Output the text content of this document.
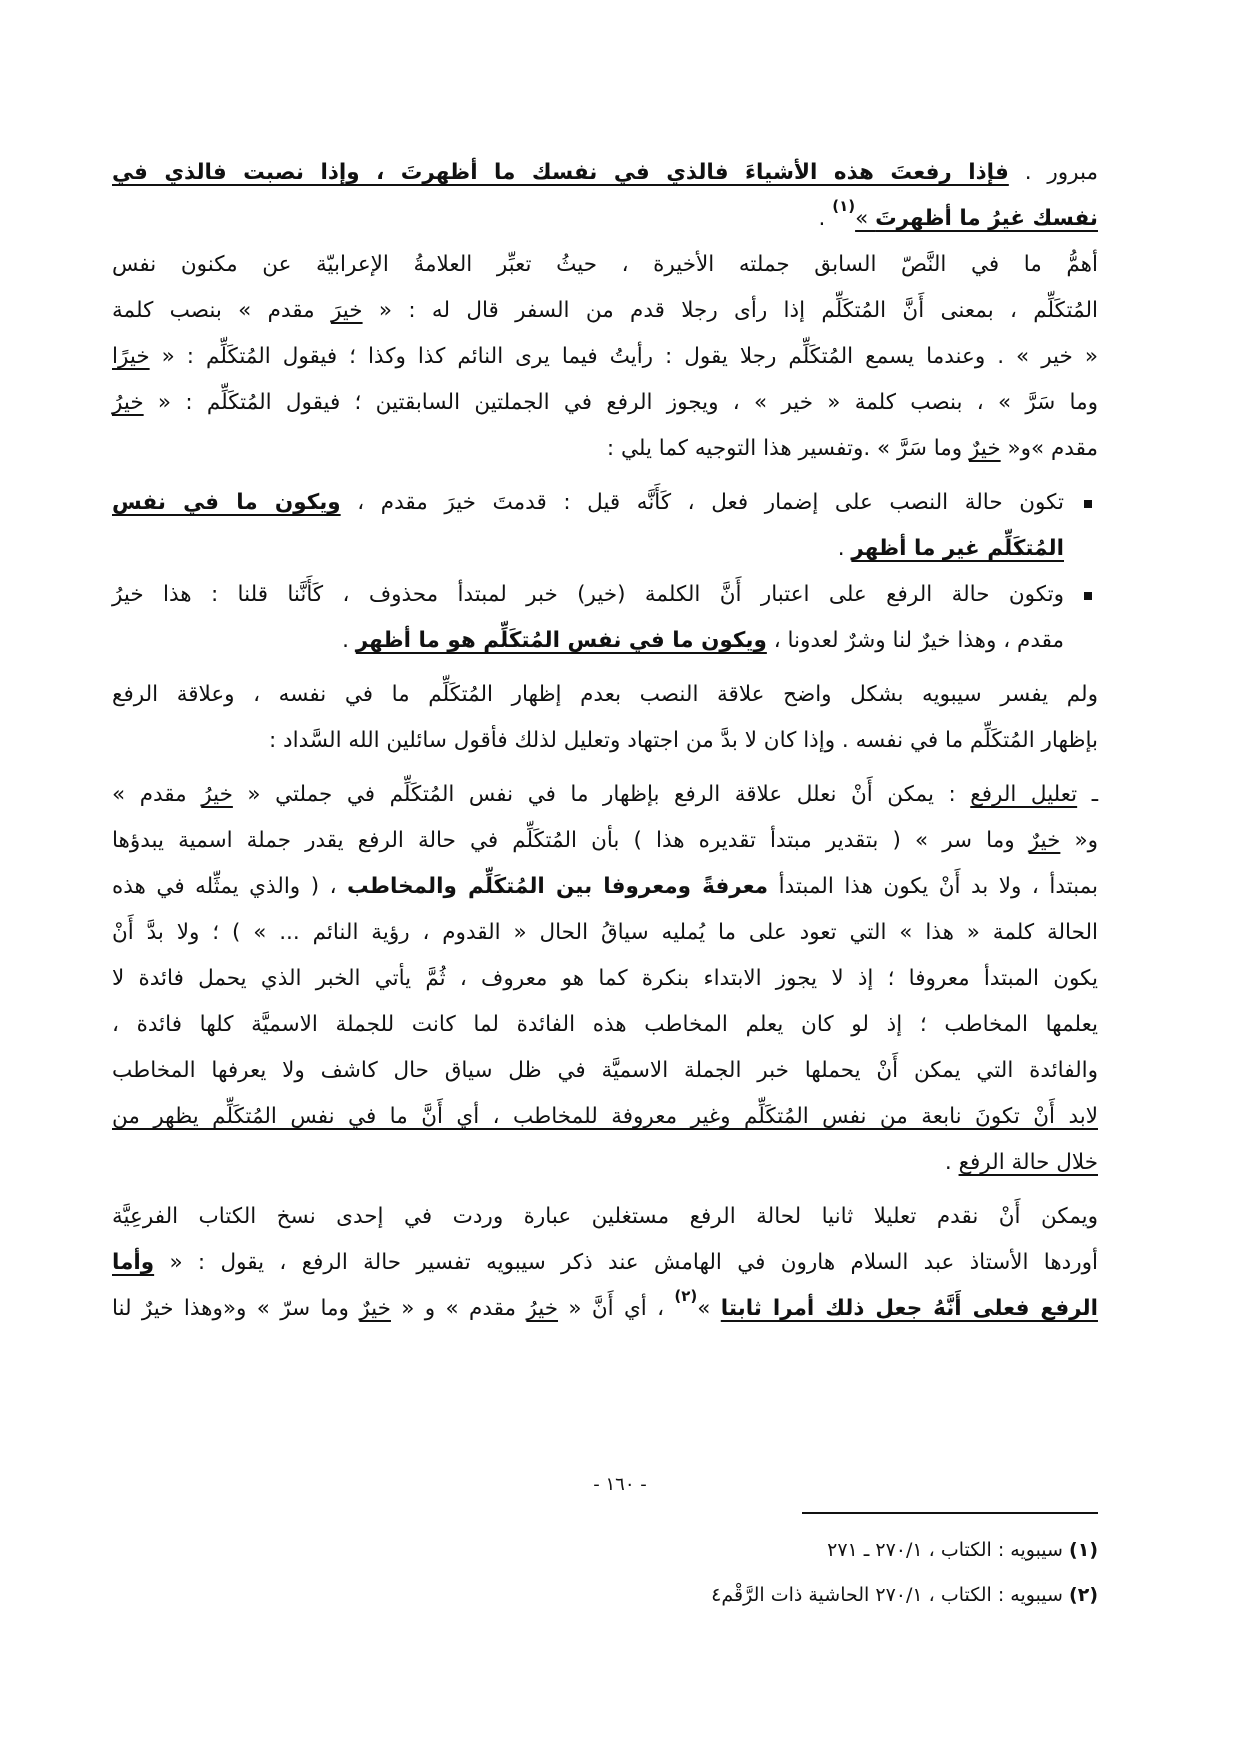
مبرور . فإذا رفعتَ هذه الأشياءَ فالذي في نفسك ما أظهرتَ ، وإذا نصبت فالذي في
نفسك غيرُ ما أظهرتَ »$^{(١)}$ .
أهمُّ ما في النَّصّ السابق جملته الأخيرة ، حيثُ تعبِّر العلامةُ الإعرابيّة عن مكنون نفس
المُتكَلِّم ، بمعنى أَنَّ المُتكَلِّم إذا رأى رجلا قدم من السفر قال له : « خيرَ مقدم » بنصب كلمة
« خير » . وعندما يسمع المُتكَلِّم رجلا يقول : رأيتُ فيما يرى النائم كذا وكذا ؛ فيقول المُتكَلِّم : « خيرًا
وما سَرَّ » ، بنصب كلمة « خير » ، ويجوز الرفع في الجملتين السابقتين ؛ فيقول المُتكَلِّم : « خيرُ
مقدم »و« خيرٌ وما سَرَّ » .وتفسير هذا التوجيه كما يلي :
تكون حالة النصب على إضمار فعل ، كَأَنَّه قيل : قدمتَ خيرَ مقدم ، ويكون ما في نفس
المُتكَلِّم غير ما أظهر .
وتكون حالة الرفع على اعتبار أَنَّ الكلمة (خير) خبر لمبتدأ محذوف ، كَأَنَّنا قلنا : هذا خيرُ
مقدم ، وهذا خيرٌ لنا وشرٌ لعدونا ، ويكون ما في نفس المُتكَلِّم هو ما أظهر .
ولم يفسر سيبويه بشكل واضح علاقة النصب بعدم إظهار المُتكَلِّم ما في نفسه ، وعلاقة الرفع
بإظهار المُتكَلِّم ما في نفسه . وإذا كان لا بدَّ من اجتهاد وتعليل لذلك فأقول سائلين الله السَّداد :
ـ تعليل الرفع : يمكن أَنْ نعلل علاقة الرفع بإظهار ما في نفس المُتكَلِّم في جملتي « خيرُ مقدم »
و« خيرٌ وما سر » ( بتقدير مبتدأ تقديره هذا ) بأن المُتكَلِّم في حالة الرفع يقدر جملة اسمية يبدؤها
بمبتدأ ، ولا بد أَنْ يكون هذا المبتدأ معرفةً ومعروفا بين المُتكَلِّم والمخاطب ، ( والذي يمثِّله في هذه
الحالة كلمة « هذا » التي تعود على ما يُمليه سياقُ الحال « القدوم ، رؤية النائم ... » ) ؛ ولا بدَّ أَنْ
يكون المبتدأ معروفا ؛ إذ لا يجوز الابتداء بنكرة كما هو معروف ، ثُمَّ يأتي الخبر الذي يحمل فائدة لا
يعلمها المخاطب ؛ إذ لو كان يعلم المخاطب هذه الفائدة لما كانت للجملة الاسميَّة كلها فائدة ،
والفائدة التي يمكن أَنْ يحملها خبر الجملة الاسميَّة في ظل سياق حال كاشف ولا يعرفها المخاطب
لابد أَنْ تكونَ نابعة من نفس المُتكَلِّم وغير معروفة للمخاطب ، أي أَنَّ ما في نفس المُتكَلِّم يظهر من
خلال حالة الرفع .
ويمكن أَنْ نقدم تعليلا ثانيا لحالة الرفع مستغلين عبارة وردت في إحدى نسخ الكتاب الفرعِيَّة
أوردها الأستاذ عبد السلام هارون في الهامش عند ذكر سيبويه تفسير حالة الرفع ، يقول : « وأما
الرفع فعلى أَنَّهُ جعل ذلك أمرا ثابتا »$^{(٢)}$ ، أي أَنَّ « خيرُ مقدم » و « خيرٌ وما سرّ » و«وهذا خيرٌ لنا
(١) سيبويه : الكتاب ، ٢٧٠/١ ـ ٢٧١
(٢) سيبويه : الكتاب ، ٢٧٠/١ الحاشية ذات الرَّقْم٤
- ١٦٠ -
